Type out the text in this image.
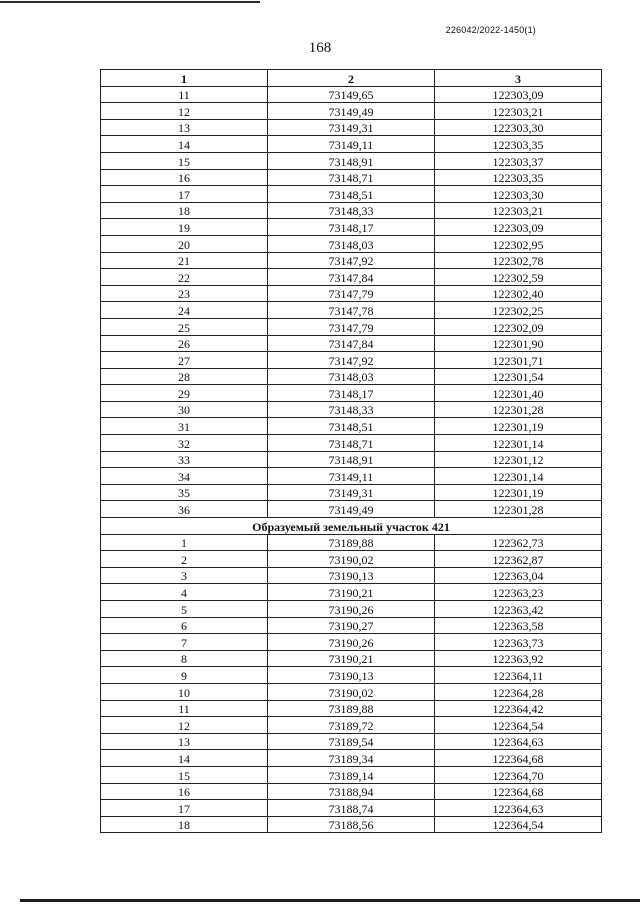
226042/2022-1450(1)
168
1	2	3
11	73149,65	122303,09
12	73149,49	122303,21
13	73149,31	122303,30
14	73149,11	122303,35
15	73148,91	122303,37
16	73148,71	122303,35
17	73148,51	122303,30
18	73148,33	122303,21
19	73148,17	122303,09
20	73148,03	122302,95
21	73147,92	122302,78
22	73147,84	122302,59
23	73147,79	122302,40
24	73147,78	122302,25
25	73147,79	122302,09
26	73147,84	122301,90
27	73147,92	122301,71
28	73148,03	122301,54
29	73148,17	122301,40
30	73148,33	122301,28
31	73148,51	122301,19
32	73148,71	122301,14
33	73148,91	122301,12
34	73149,11	122301,14
35	73149,31	122301,19
36	73149,49	122301,28
Образуемый земельный участок 421		
1	73189,88	122362,73
2	73190,02	122362,87
3	73190,13	122363,04
4	73190,21	122363,23
5	73190,26	122363,42
6	73190,27	122363,58
7	73190,26	122363,73
8	73190,21	122363,92
9	73190,13	122364,11
10	73190,02	122364,28
11	73189,88	122364,42
12	73189,72	122364,54
13	73189,54	122364,63
14	73189,34	122364,68
15	73189,14	122364,70
16	73188,94	122364,68
17	73188,74	122364,63
18	73188,56	122364,54
